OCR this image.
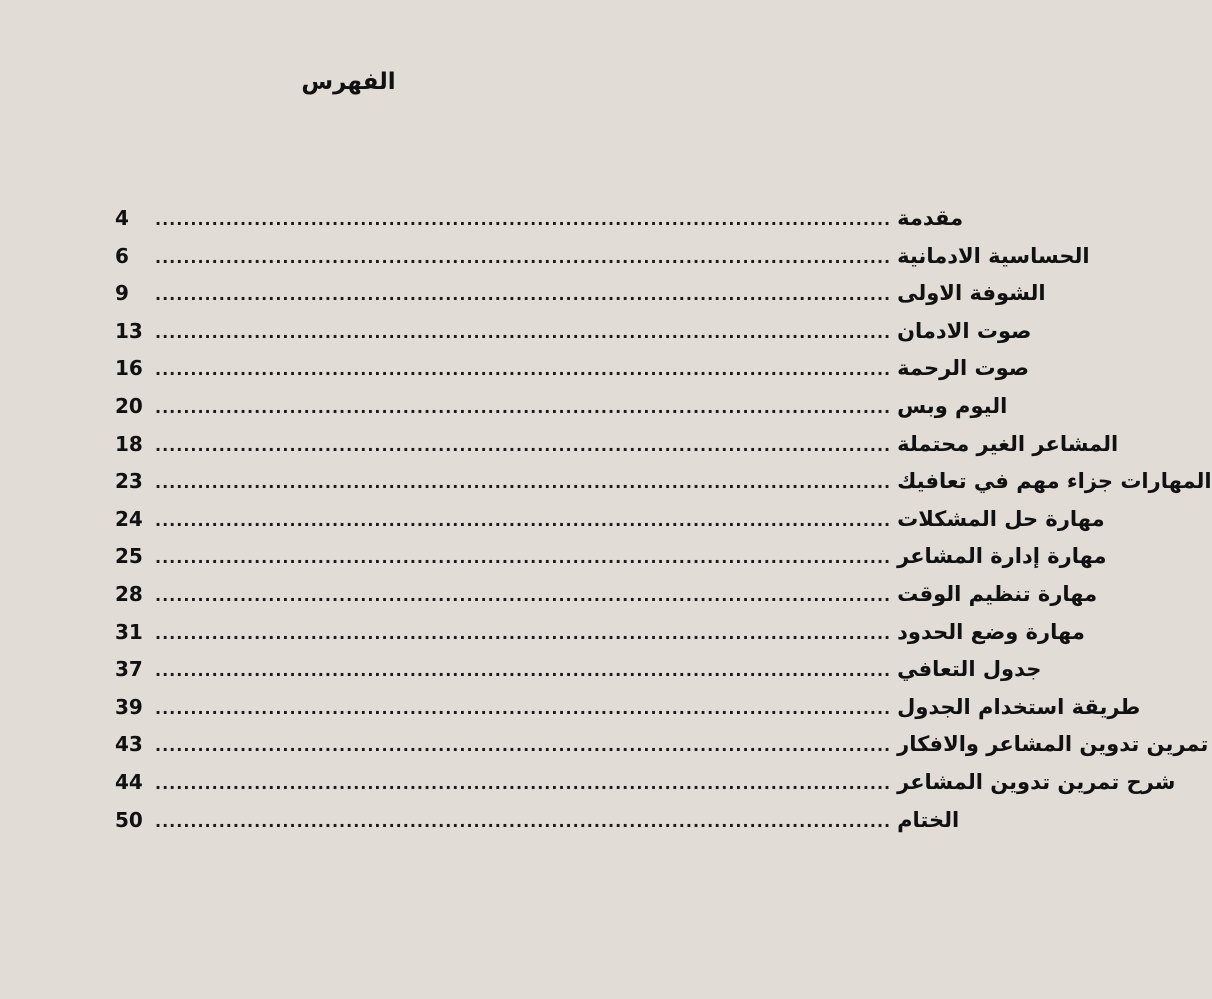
الفهرس
4	........................................................................................................ مقدمة
6	........................................................................................................ الحساسية الادمانية
9	........................................................................................................ الشوفة الاولى
13 ........................................................................................................ صوت الادمان
16 ........................................................................................................ صوت الرحمة
20 ........................................................................................................ اليوم وبس
18 ........................................................................................................ المشاعر الغير محتملة
23 ........................................................................................................ المهارات جزاء مهم في تعافيك
24 ........................................................................................................ مهارة حل المشكلات
25 ........................................................................................................ مهارة إدارة المشاعر
28 ........................................................................................................ مهارة تنظيم الوقت
31 ........................................................................................................ مهارة وضع الحدود
37 ........................................................................................................ جدول التعافي
39 ........................................................................................................ طريقة استخدام الجدول
43 ........................................................................................................ تمرين تدوين المشاعر والافكار
44 ........................................................................................................ شرح تمرين تدوين المشاعر
50 ........................................................................................................ الختام
